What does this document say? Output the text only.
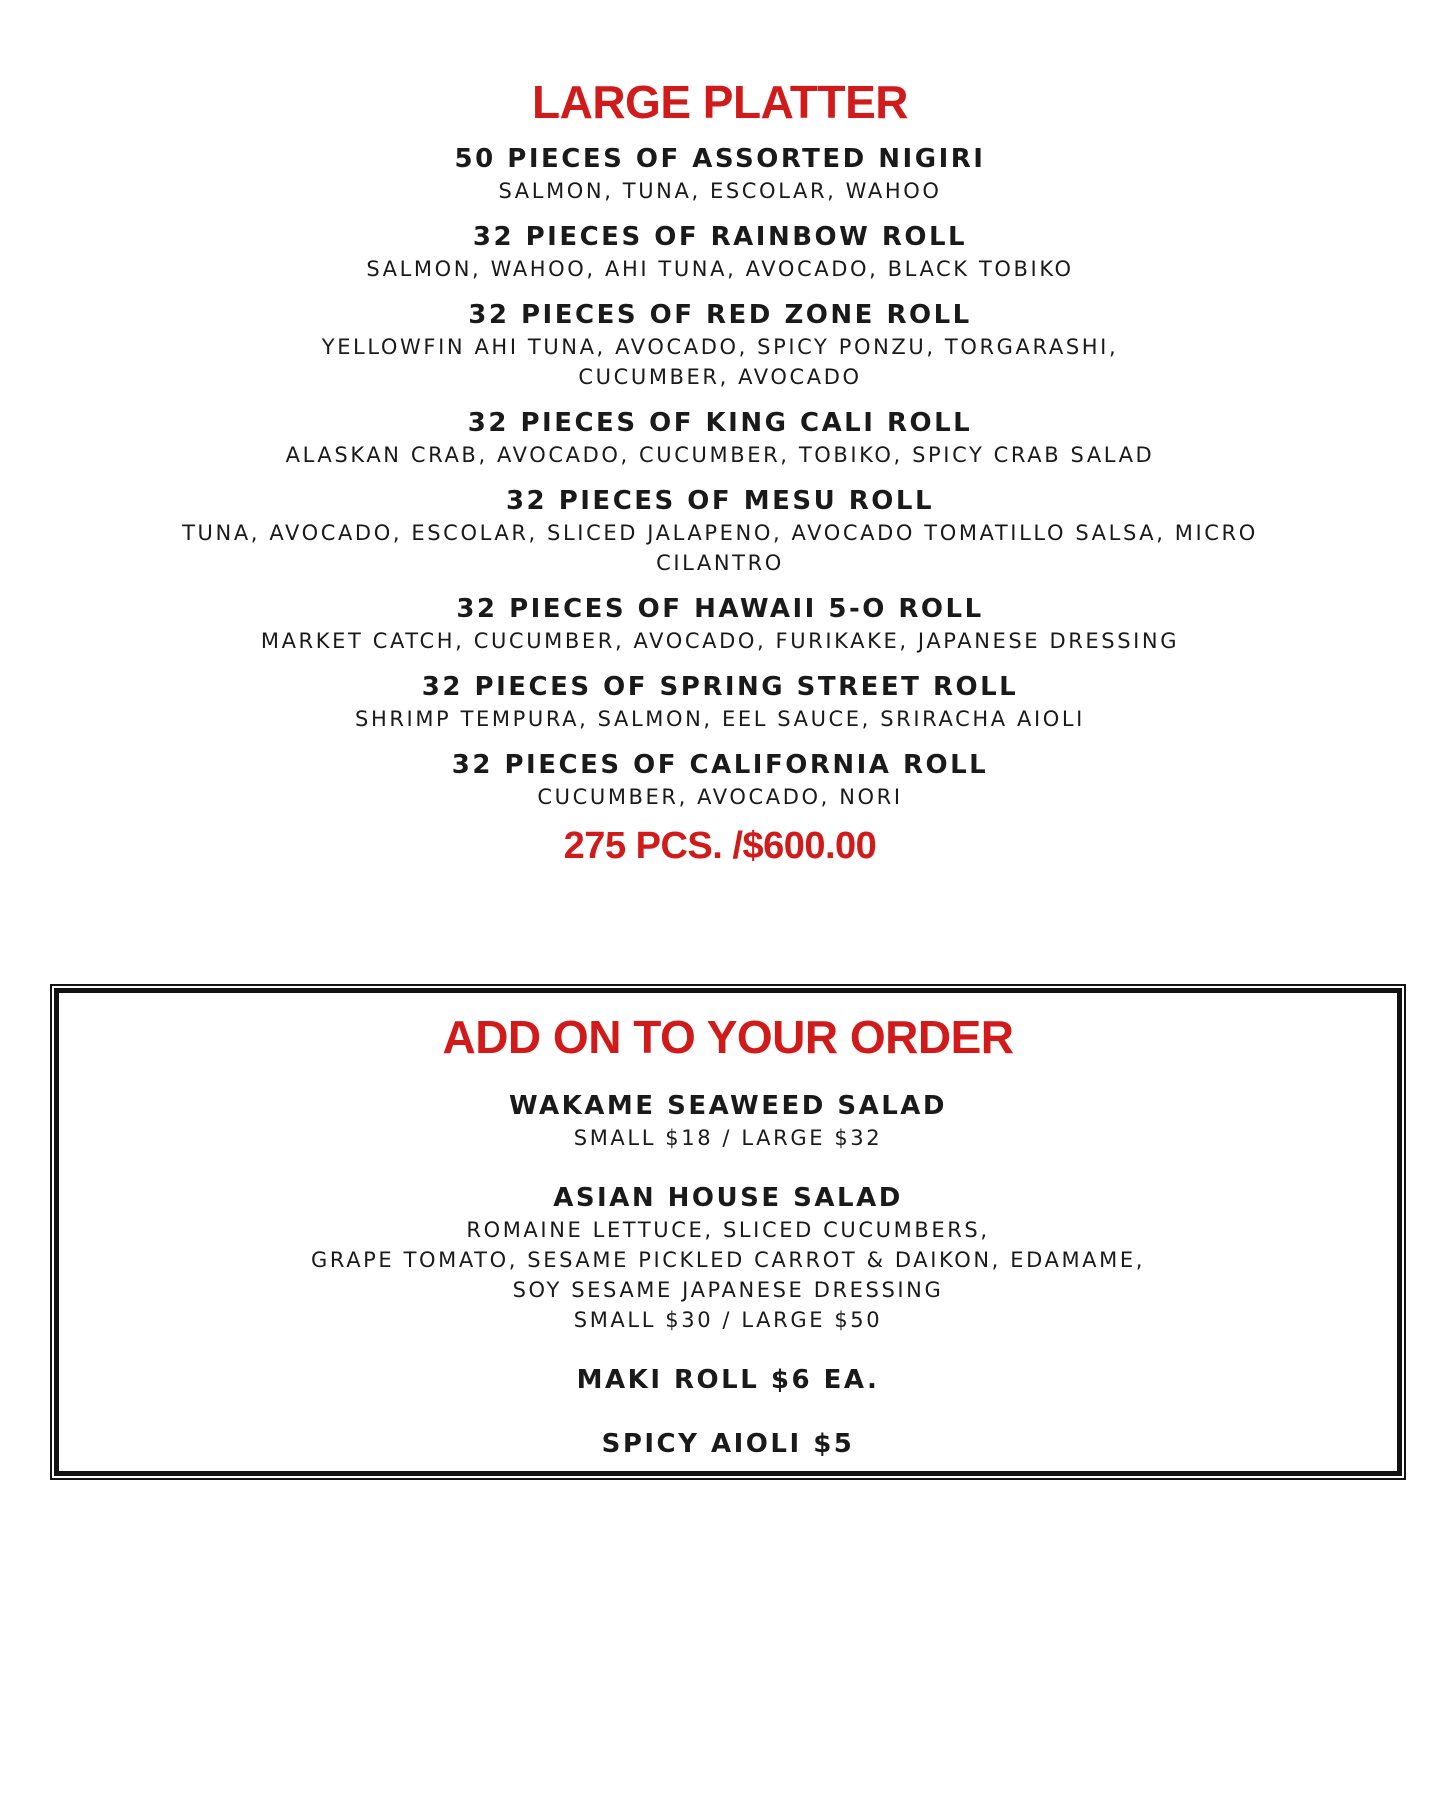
LARGE PLATTER
50 PIECES OF ASSORTED NIGIRI
SALMON, TUNA, ESCOLAR, WAHOO
32 PIECES OF RAINBOW ROLL
SALMON, WAHOO, AHI TUNA, AVOCADO, BLACK TOBIKO
32 PIECES OF RED ZONE ROLL
YELLOWFIN AHI TUNA, AVOCADO, SPICY PONZU, TORGARASHI,
CUCUMBER, AVOCADO
32 PIECES OF KING CALI ROLL
ALASKAN CRAB, AVOCADO, CUCUMBER, TOBIKO, SPICY CRAB SALAD
32 PIECES OF MESU ROLL
TUNA, AVOCADO, ESCOLAR, SLICED JALAPENO, AVOCADO TOMATILLO SALSA, MICRO
CILANTRO
32 PIECES OF HAWAII 5-O ROLL
MARKET CATCH, CUCUMBER, AVOCADO, FURIKAKE, JAPANESE DRESSING
32 PIECES OF SPRING STREET ROLL
SHRIMP TEMPURA, SALMON, EEL SAUCE, SRIRACHA AIOLI
32 PIECES OF CALIFORNIA ROLL
CUCUMBER, AVOCADO, NORI
275 PCS. /$600.00
ADD ON TO YOUR ORDER
WAKAME SEAWEED SALAD
SMALL $18 / LARGE $32
ASIAN HOUSE SALAD
ROMAINE LETTUCE, SLICED CUCUMBERS,
GRAPE TOMATO, SESAME PICKLED CARROT & DAIKON, EDAMAME,
SOY SESAME JAPANESE DRESSING
SMALL $30 / LARGE $50
MAKI ROLL $6 EA.
SPICY AIOLI $5
